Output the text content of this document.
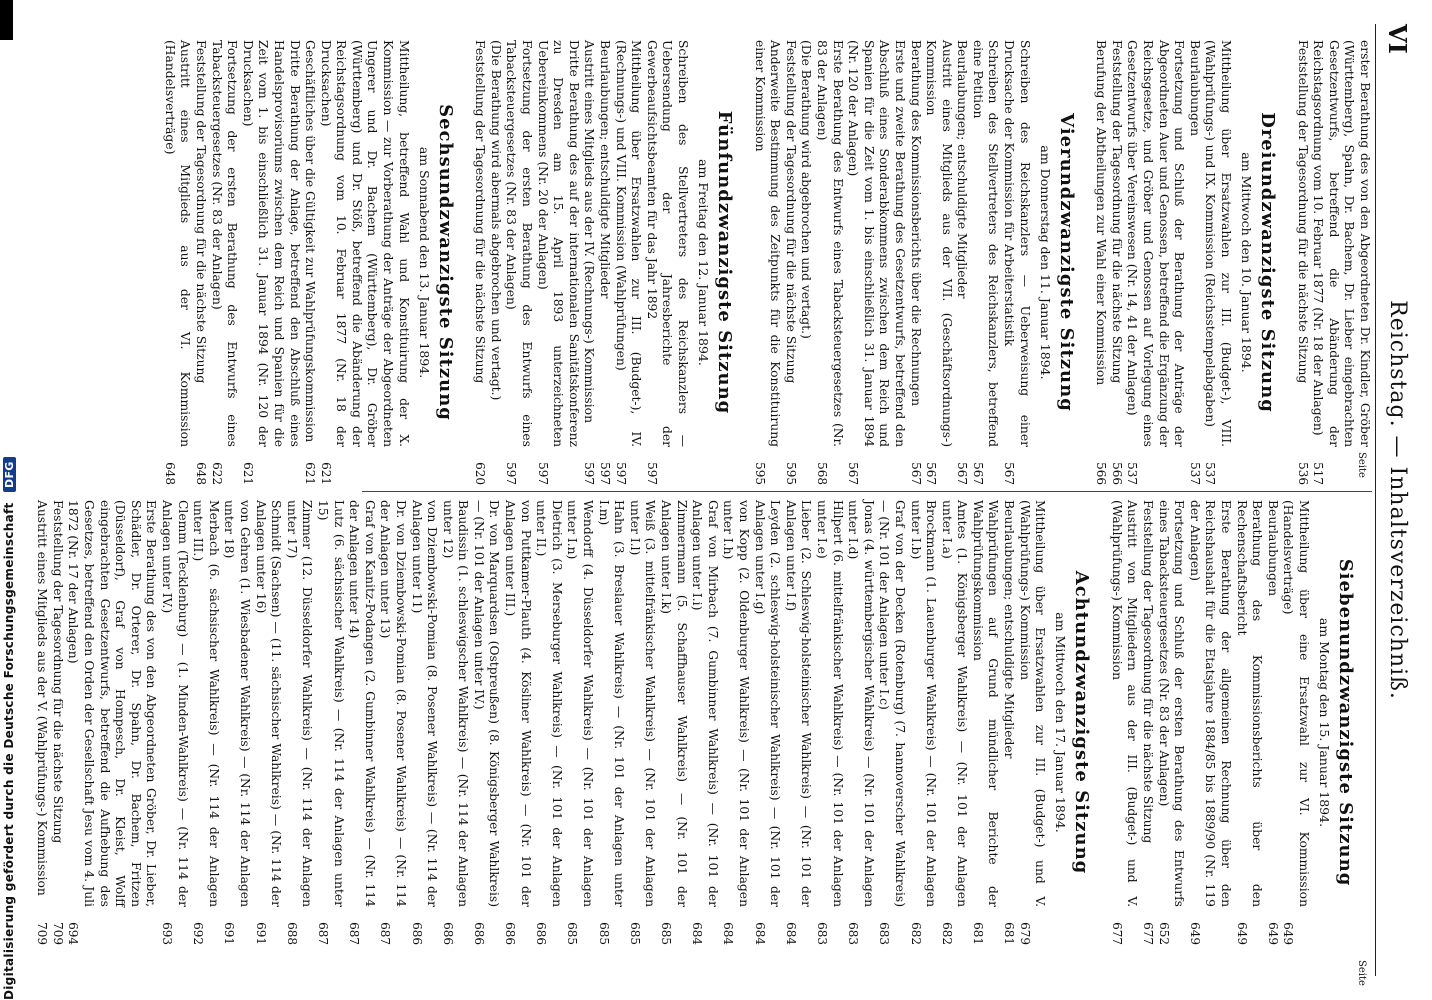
VI
Reichstag. — Inhaltsverzeichniß.
Seite
Seite
erster Berathung des von den Abgeordneten Dr. Kindler, Gröber (Württemberg), Spahn, Dr. Bachem, Dr. Lieber eingebrachten Gesetzentwurfs, betreffend die Abänderung der Reichstagsordnung vom 10. Februar 1877 (Nr. 18 der Anlagen)
517
Feststellung der Tagesordnung für die nächste Sitzung
536
Dreiundzwanzigste Sitzung
am Mittwoch den 10. Januar 1894.
Mittheilung über Ersatzwahlen zur III. (Budget-), VIII. (Wahlprüfungs-) und IX. Kommission (Reichsstempelabgaben)
537
Beurlaubungen
537
Fortsetzung und Schluß der Berathung der Anträge der Abgeordneten Auer und Genossen, betreffend die Ergänzung der Reichsgesetze, und Gröber und Genossen auf Vorlegung eines Gesetzentwurfs über Vereinswesen (Nr. 14, 41 der Anlagen)
537
Feststellung der Tagesordnung für die nächste Sitzung
566
Berufung der Abtheilungen zur Wahl einer Kommission
566
Vierundzwanzigste Sitzung
am Donnerstag den 11. Januar 1894.
Schreiben des Reichskanzlers — Ueberweisung einer Drucksache der Kommission für Arbeiterstatistik
567
Schreiben des Stellvertreters des Reichskanzlers, betreffend eine Petition
567
Beurlaubungen; entschuldigte Mitglieder
567
Austritt eines Mitglieds aus der VII. (Geschäftsordnungs-) Kommission
567
Berathung des Kommissionsberichts über die Rechnungen
567
Erste und zweite Berathung des Gesetzentwurfs, betreffend den Abschluß eines Sonderabkommens zwischen dem Reich und Spanien für die Zeit vom 1. bis einschließlich 31. Januar 1894 (Nr. 120 der Anlagen)
567
Erste Berathung des Entwurfs eines Tabacksteuergesetzes (Nr. 83 der Anlagen)
568
(Die Berathung wird abgebrochen und vertagt.)
Feststellung der Tagesordnung für die nächste Sitzung
595
Anderweite Bestimmung des Zeitpunkts für die Konstituirung einer Kommission
595
Fünfundzwanzigste Sitzung
am Freitag den 12. Januar 1894.
Schreiben des Stellvertreters des Reichskanzlers — Uebersendung der Jahresberichte der Gewerbeaufsichtsbeamten für das Jahr 1892
597
Mittheilung über Ersatzwahlen zur III. (Budget-), IV. (Rechnungs-) und VIII. Kommission (Wahlprüfungen)
597
Beurlaubungen; entschuldigte Mitglieder
597
Austritt eines Mitglieds aus der IV. (Rechnungs-) Kommission
597
Dritte Berathung des auf der internationalen Sanitätskonferenz zu Dresden am 15. April 1893 unterzeichneten Uebereinkommens (Nr. 20 der Anlagen)
597
Fortsetzung der ersten Berathung des Entwurfs eines Tabacksteuergesetzes (Nr. 83 der Anlagen)
597
(Die Berathung wird abermals abgebrochen und vertagt.)
Feststellung der Tagesordnung für die nächste Sitzung
620
Sechsundzwanzigste Sitzung
am Sonnabend den 13. Januar 1894.
Mittheilung, betreffend Wahl und Konstituirung der X. Kommission — zur Vorberathung der Anträge der Abgeordneten Ungerer und Dr. Bachem (Württemberg), Dr. Gröber (Württemberg) und Dr. Stöß, betreffend die Abänderung der Reichstagsordnung vom 10. Februar 1877 (Nr. 18 der Drucksachen)
621
Geschäftliches über die Gültigkeit zur Wahlprüfungskommission
621
Dritte Berathung der Anlage, betreffend den Abschluß eines Handelsprovisoriums zwischen dem Reich und Spanien für die Zeit vom 1. bis einschließlich 31. Januar 1894 (Nr. 120 der Drucksachen)
621
Fortsetzung der ersten Berathung des Entwurfs eines Tabacksteuergesetzes (Nr. 83 der Anlagen)
622
Feststellung der Tagesordnung für die nächste Sitzung
648
Austritt eines Mitglieds aus der VI. Kommission (Handelsverträge)
648
Siebenundzwanzigste Sitzung
am Montag den 15. Januar 1894.
Mittheilung über eine Ersatzwahl zur VI. Kommission (Handelsverträge)
649
Beurlaubungen
649
Berathung des Kommissionsberichts über den Rechenschaftsbericht
649
Erste Berathung der allgemeinen Rechnung über den Reichshaushalt für die Etatsjahre 1884/85 bis 1889/90 (Nr. 119 der Anlagen)
649
Fortsetzung und Schluß der ersten Berathung des Entwurfs eines Tabacksteuergesetzes (Nr. 83 der Anlagen)
652
Feststellung der Tagesordnung für die nächste Sitzung
677
Austritt von Mitgliedern aus der III. (Budget-) und V. (Wahlprüfungs-) Kommission
677
Achtundzwanzigste Sitzung
am Mittwoch den 17. Januar 1894.
Mittheilung über Ersatzwahlen zur III. (Budget-) und V. (Wahlprüfungs-) Kommission
679
Beurlaubungen; entschuldigte Mitglieder
681
Wahlprüfungen auf Grund mündlicher Berichte der Wahlprüfungskommission
681
Amtes (1. Königsberger Wahlkreis) — (Nr. 101 der Anlagen unter I.a)
682
Brockmann (1. Lauenburger Wahlkreis) — (Nr. 101 der Anlagen unter I.b)
682
Graf von der Decken (Rotenburg) (7. hannoverscher Wahlkreis) — (Nr. 101 der Anlagen unter I.c)
683
Jonas (4. württembergischer Wahlkreis) — (Nr. 101 der Anlagen unter I.d)
683
Hilpert (6. mittelfränkischer Wahlkreis) — (Nr. 101 der Anlagen unter I.e)
683
Lieber (2. Schleswig-holsteinischer Wahlkreis) — (Nr. 101 der Anlagen unter I.f)
684
Leyden (2. schleswig-holsteinischer Wahlkreis) — (Nr. 101 der Anlagen unter I.g)
684
von Kopp (2. Oldenburger Wahlkreis) — (Nr. 101 der Anlagen unter I.h)
684
Graf von Mirbach (7. Gumbinner Wahlkreis) — (Nr. 101 der Anlagen unter I.i)
684
Zimmermann (5. Schaffhauser Wahlkreis) — (Nr. 101 der Anlagen unter I.k)
685
Weiß (3. mittelfränkischer Wahlkreis) — (Nr. 101 der Anlagen unter I.l)
685
Hahn (3. Breslauer Wahlkreis) — (Nr. 101 der Anlagen unter I.m)
685
Wendorff (4. Düsseldorfer Wahlkreis) — (Nr. 101 der Anlagen unter I.n)
685
Dietrich (3. Merseburger Wahlkreis) — (Nr. 101 der Anlagen unter II.)
686
von Puttkamer-Plauth (4. Kösliner Wahlkreis) — (Nr. 101 der Anlagen unter III.)
686
Dr. von Marquardsen (Ostpreußen) (8. Königsberger Wahlkreis) — (Nr. 101 der Anlagen unter IV.)
686
Baudissin (1. schleswigscher Wahlkreis) — (Nr. 114 der Anlagen unter 12)
686
von Dziembowski-Pomian (8. Posener Wahlkreis) — (Nr. 114 der Anlagen unter 11)
686
Dr. von Dziembowski-Pomian (8. Posener Wahlkreis) — (Nr. 114 der Anlagen unter 13)
687
Graf von Kanitz-Podangen (2. Gumbinner Wahlkreis) — (Nr. 114 der Anlagen unter 14)
687
Lutz (6. sächsischer Wahlkreis) — (Nr. 114 der Anlagen unter 15)
687
Zimmer (12. Düsseldorfer Wahlkreis) — (Nr. 114 der Anlagen unter 17)
688
Schmidt (Sachsen) — (11. sächsischer Wahlkreis) — (Nr. 114 der Anlagen unter 16)
691
von Gehren (1. Wiesbadener Wahlkreis) — (Nr. 114 der Anlagen unter 18)
691
Merbach (6. sächsischer Wahlkreis) — (Nr. 114 der Anlagen unter III.)
692
Clemm (Tecklenburg) — (1. Minden-Wahlkreis) — (Nr. 114 der Anlagen unter IV.)
693
Erste Berathung des von den Abgeordneten Gröber, Dr. Lieber, Schädler, Dr. Orterer, Dr. Spahn, Dr. Bachem, Fritzen (Düsseldorf), Graf von Hompesch, Dr. Kleist, Wolff eingebrachten Gesetzentwurfs, betreffend die Aufhebung des Gesetzes, betreffend den Orden der Gesellschaft Jesu vom 4. Juli 1872 (Nr. 17 der Anlagen)
694
Feststellung der Tagesordnung für die nächste Sitzung
709
Austritt eines Mitglieds aus der V. (Wahlprüfungs-) Kommission
709
Digitalisierung gefördert durch die Deutsche Forschungsgemeinschaft DFG
